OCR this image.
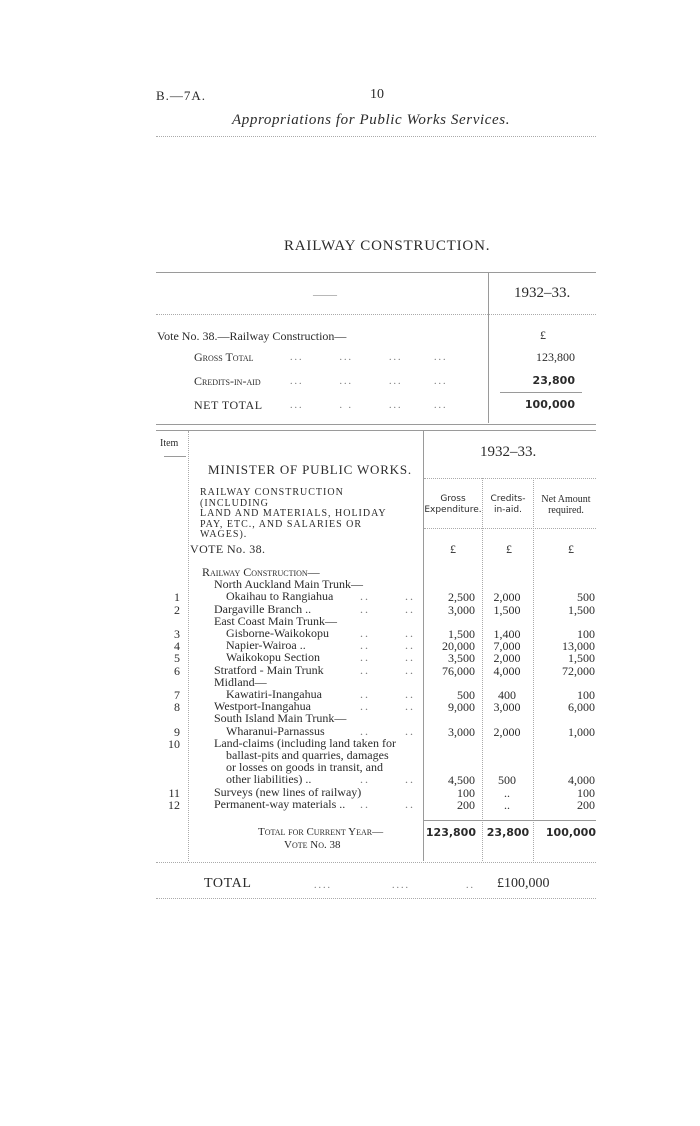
B.—7A.	10
Appropriations for Public Works Services.
RAILWAY CONSTRUCTION.
——	1932–33.
Vote No. 38.—Railway Construction—	£
Gross Total	...        ...        ...       ...	123,800
Credits-in-aid	...        ...        ...       ...	23,800
NET TOTAL	...        . .        ...       ...	100,000
Item
1932–33.
MINISTER OF PUBLIC WORKS.
RAILWAY CONSTRUCTION (INCLUDING
LAND AND MATERIALS, HOLIDAY
PAY, ETC., AND SALARIES OR
WAGES).
Gross
Expenditure.
Credits-
in-aid.
Net Amount
required.
VOTE No. 38.	£	£	£
Railway Construction—
North Auckland Main Trunk—
1	Okaihau to Rangiahua ..       ..	2,500	2,000	500
2	Dargaville Branch ..	..       ..	3,000	1,500	1,500
East Coast Main Trunk—
3	Gisborne-Waikokopu	..       ..	1,500	1,400	100
4	Napier-Wairoa ..	..       ..	20,000	7,000	13,000
5	Waikokopu Section	..       ..	3,500	2,000	1,500
6	Stratford - Main Trunk	..       ..	76,000	4,000	72,000
Midland—
7	Kawatiri-Inangahua	..       ..	500	400	100
8	Westport-Inangahua	..       ..	9,000	3,000	6,000
South Island Main Trunk—
9	Wharanui-Parnassus	..       ..	3,000	2,000	1,000
10	Land-claims (including land taken for
ballast-pits and quarries, damages
or losses on goods in transit, and
other liabilities) ..	..       ..	4,500	500	4,000
11	Surveys (new lines of railway)	100	..	100
12	Permanent-way materials .. ..       ..	200	..	200
Total for Current Year—
Vote No. 38
123,800 23,800	100,000
TOTAL	....	....	.. £100,000
